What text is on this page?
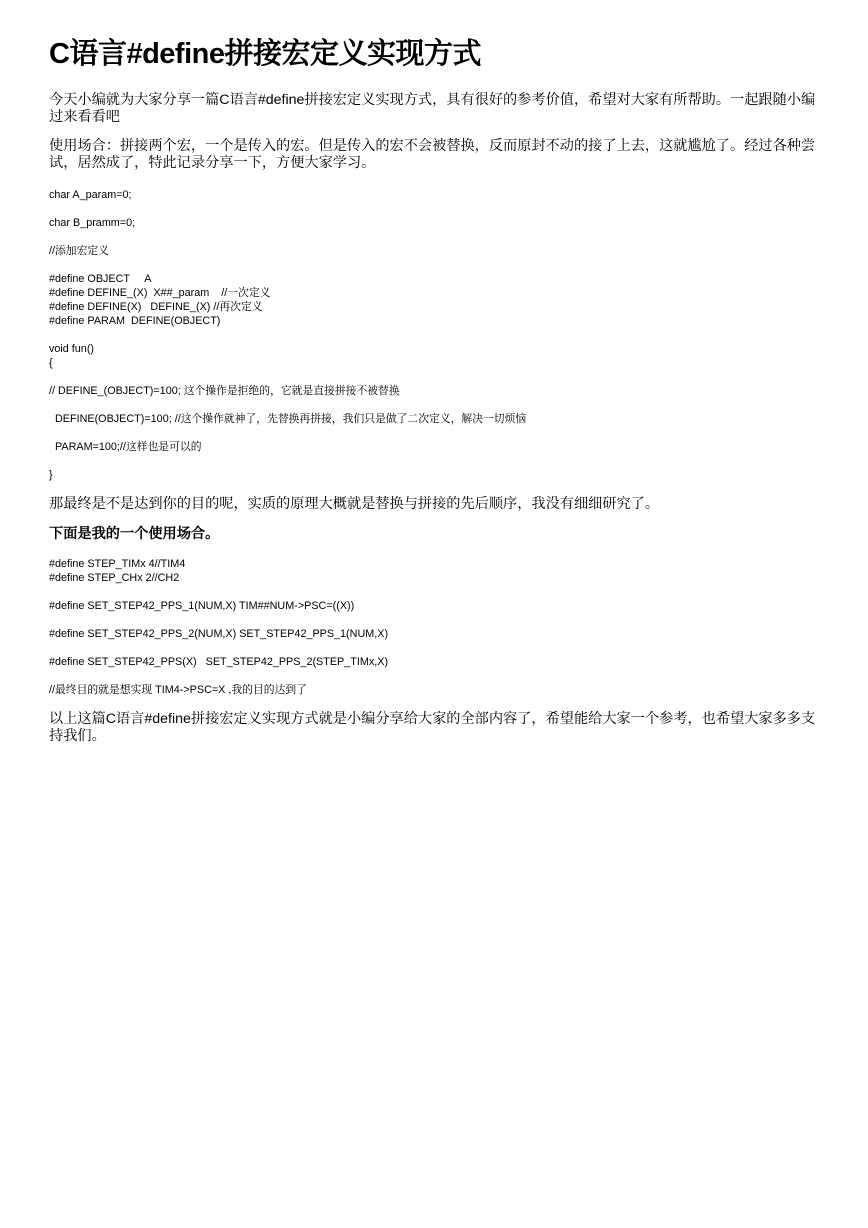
C语言#define拼接宏定义实现方式

今天小编就为大家分享一篇C语言#define拼接宏定义实现方式，具有很好的参考价值，希望对大家有所帮助。一起跟随小编过来看看吧

使用场合：拼接两个宏，一个是传入的宏。但是传入的宏不会被替换，反而原封不动的接了上去，这就尴尬了。经过各种尝试，居然成了，特此记录分享一下，方便大家学习。

char A_param=0;
char B_pramm=0;
//添加宏定义
#define OBJECT     A
#define DEFINE_(X)  X##_param    //一次定义
#define DEFINE(X)   DEFINE_(X) //再次定义
#define PARAM  DEFINE(OBJECT)
void fun()
{
// DEFINE_(OBJECT)=100; 这个操作是拒绝的，它就是直接拼接不被替换
DEFINE(OBJECT)=100; //这个操作就神了，先替换再拼接，我们只是做了二次定义，解决一切烦恼
PARAM=100;//这样也是可以的
}

那最终是不是达到你的目的呢，实质的原理大概就是替换与拼接的先后顺序，我没有细细研究了。

下面是我的一个使用场合。

#define STEP_TIMx 4//TIM4
#define STEP_CHx 2//CH2
#define SET_STEP42_PPS_1(NUM,X) TIM##NUM->PSC=((X))
#define SET_STEP42_PPS_2(NUM,X) SET_STEP42_PPS_1(NUM,X)
#define SET_STEP42_PPS(X)   SET_STEP42_PPS_2(STEP_TIMx,X)
//最终目的就是想实现 TIM4->PSC=X ,我的目的达到了

以上这篇C语言#define拼接宏定义实现方式就是小编分享给大家的全部内容了，希望能给大家一个参考，也希望大家多多支持我们。
